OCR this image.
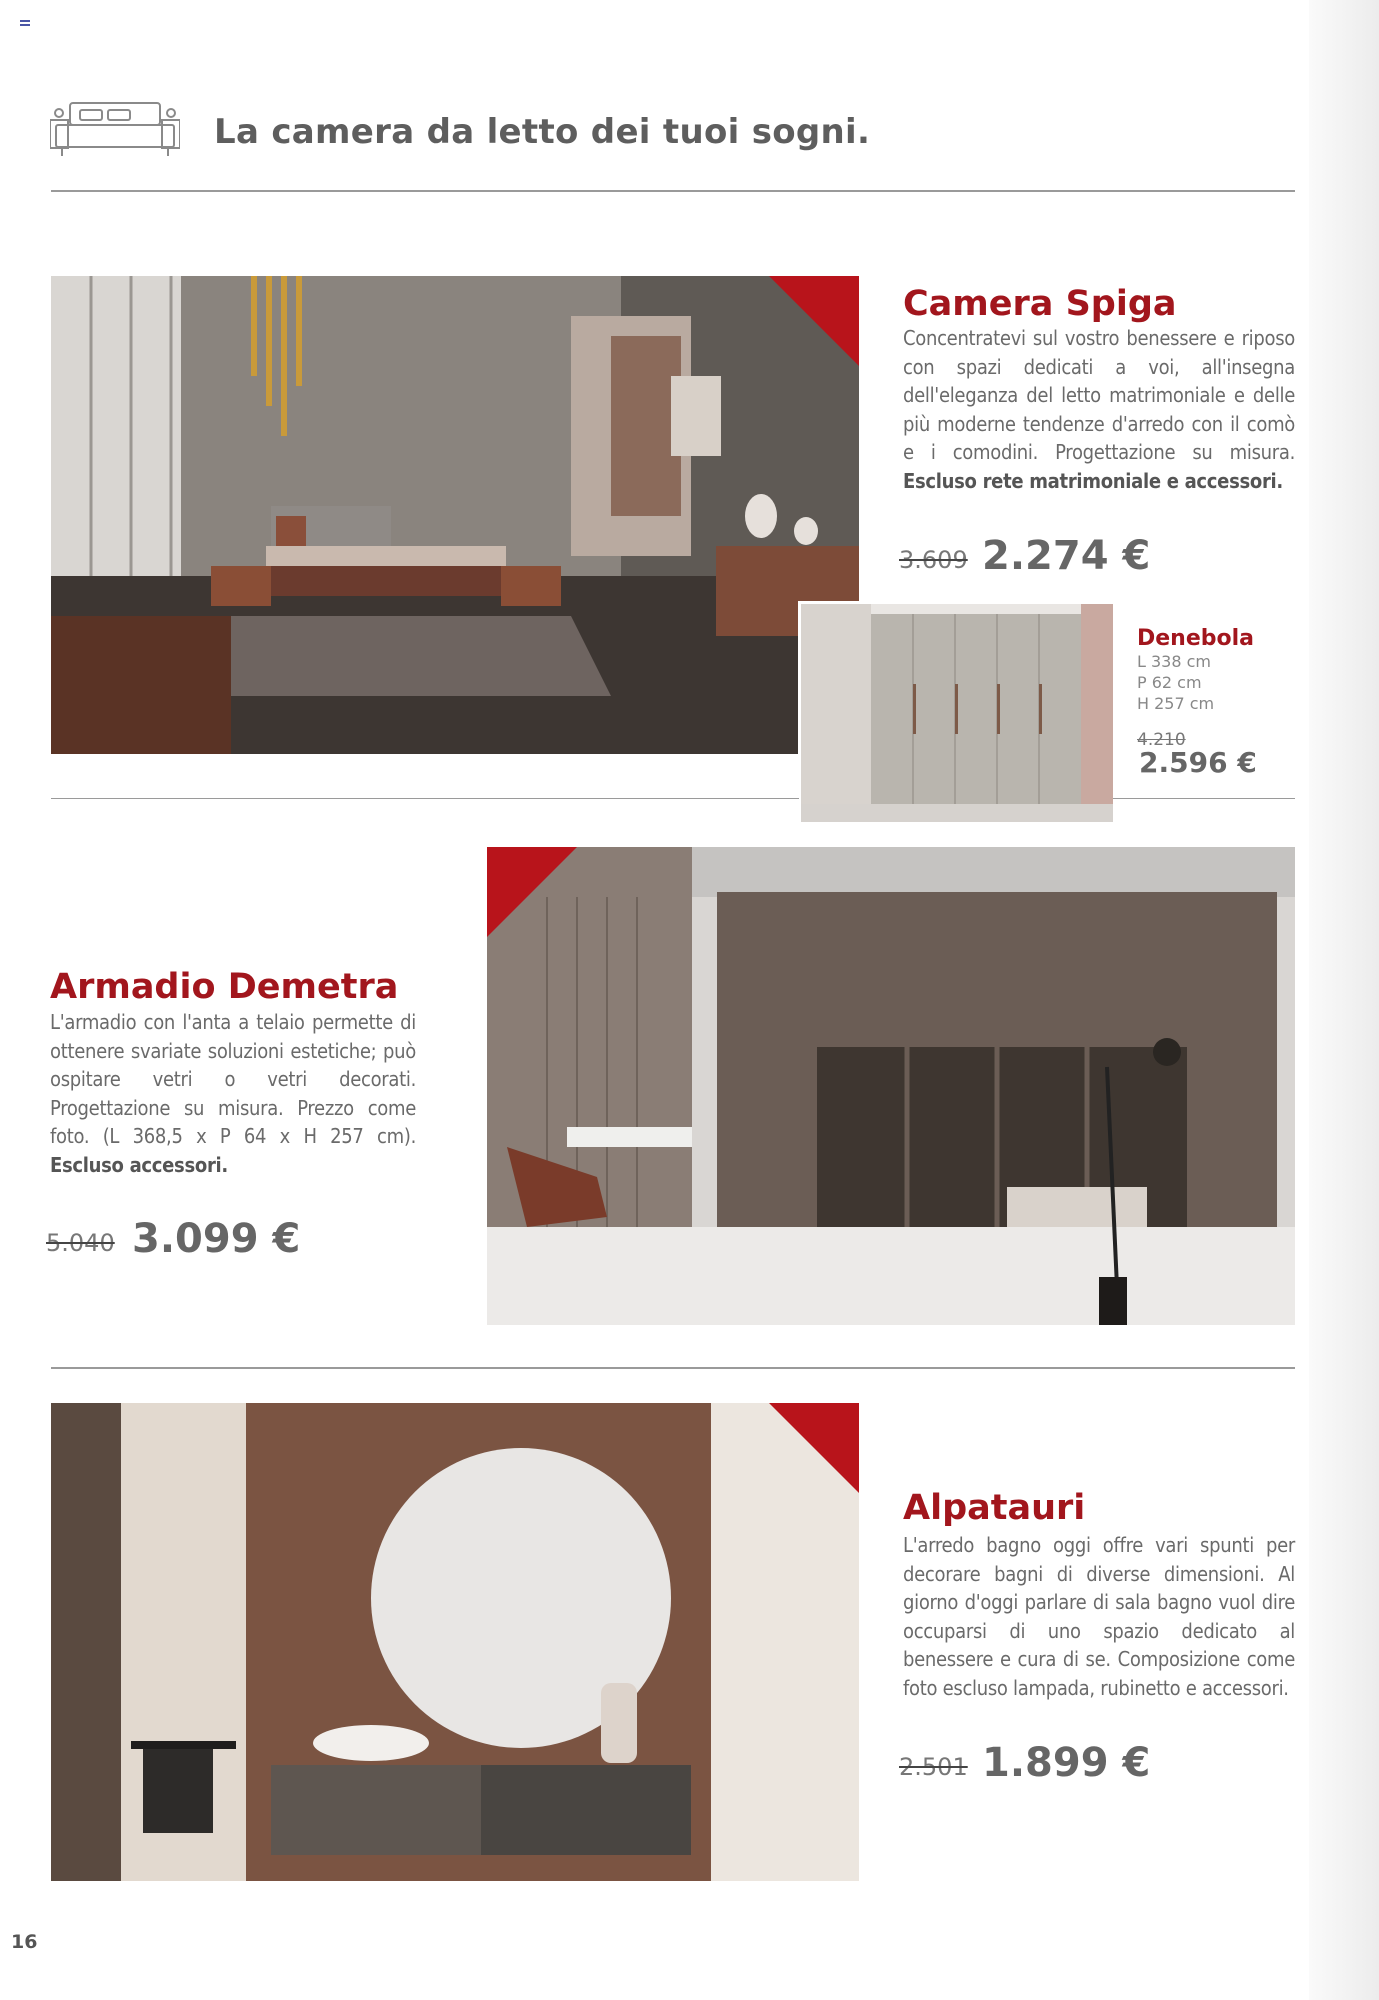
La camera da letto dei tuoi sogni.
Camera Spiga
Concentratevi sul vostro benessere e riposo con spazi dedicati a voi, all'insegna dell'eleganza del letto matrimoniale e delle più moderne tendenze d'arredo con il comò e i comodini. Progettazione su misura. Escluso rete matrimoniale e accessori.
3.609 2.274 €
Denebola
L 338 cm
P 62 cm
H 257 cm
4.210
2.596 €
Armadio Demetra
L'armadio con l'anta a telaio permette di ottenere svariate soluzioni estetiche; può ospitare vetri o vetri decorati. Progettazione su misura. Prezzo come foto. (L 368,5 x P 64 x H 257 cm). Escluso accessori.
5.040 3.099 €
Alpatauri
L'arredo bagno oggi offre vari spunti per decorare bagni di diverse dimensioni. Al giorno d'oggi parlare di sala bagno vuol dire occuparsi di uno spazio dedicato al benessere e cura di se. Composizione come foto escluso lampada, rubinetto e accessori.
2.501 1.899 €
16
